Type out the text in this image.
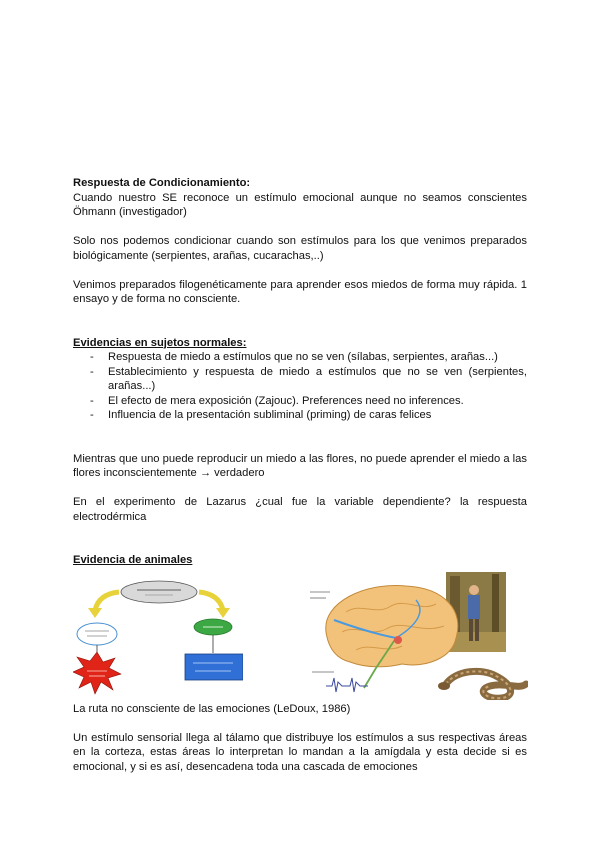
Respuesta de Condicionamiento:

Cuando nuestro SE reconoce un estímulo emocional aunque no seamos conscientes Öhmann (investigador)

Solo nos podemos condicionar cuando son estímulos para los que venimos preparados biológicamente (serpientes, arañas, cucarachas,..)

Venimos preparados filogenéticamente para aprender esos miedos de forma muy rápida. 1 ensayo y de forma no consciente.

Evidencias en sujetos normales:

- Respuesta de miedo a estímulos que no se ven (sílabas, serpientes, arañas...)
- Establecimiento y respuesta de miedo a estímulos que no se ven (serpientes, arañas...)
- El efecto de mera exposición (Zajouc). Preferences need no inferences.
- Influencia de la presentación subliminal (priming) de caras felices

Mientras que uno puede reproducir un miedo a las flores, no puede aprender el miedo a las flores inconscientemente → verdadero

En el experimento de Lazarus ¿cual fue la variable dependiente? la respuesta electrodérmica

Evidencia de animales

La ruta no consciente de las emociones (LeDoux, 1986)

Un estímulo sensorial llega al tálamo que distribuye los estímulos a sus respectivas áreas en la corteza, estas áreas lo interpretan lo mandan a la amígdala y esta decide si es emocional, y si es así, desencadena toda una cascada de emociones
